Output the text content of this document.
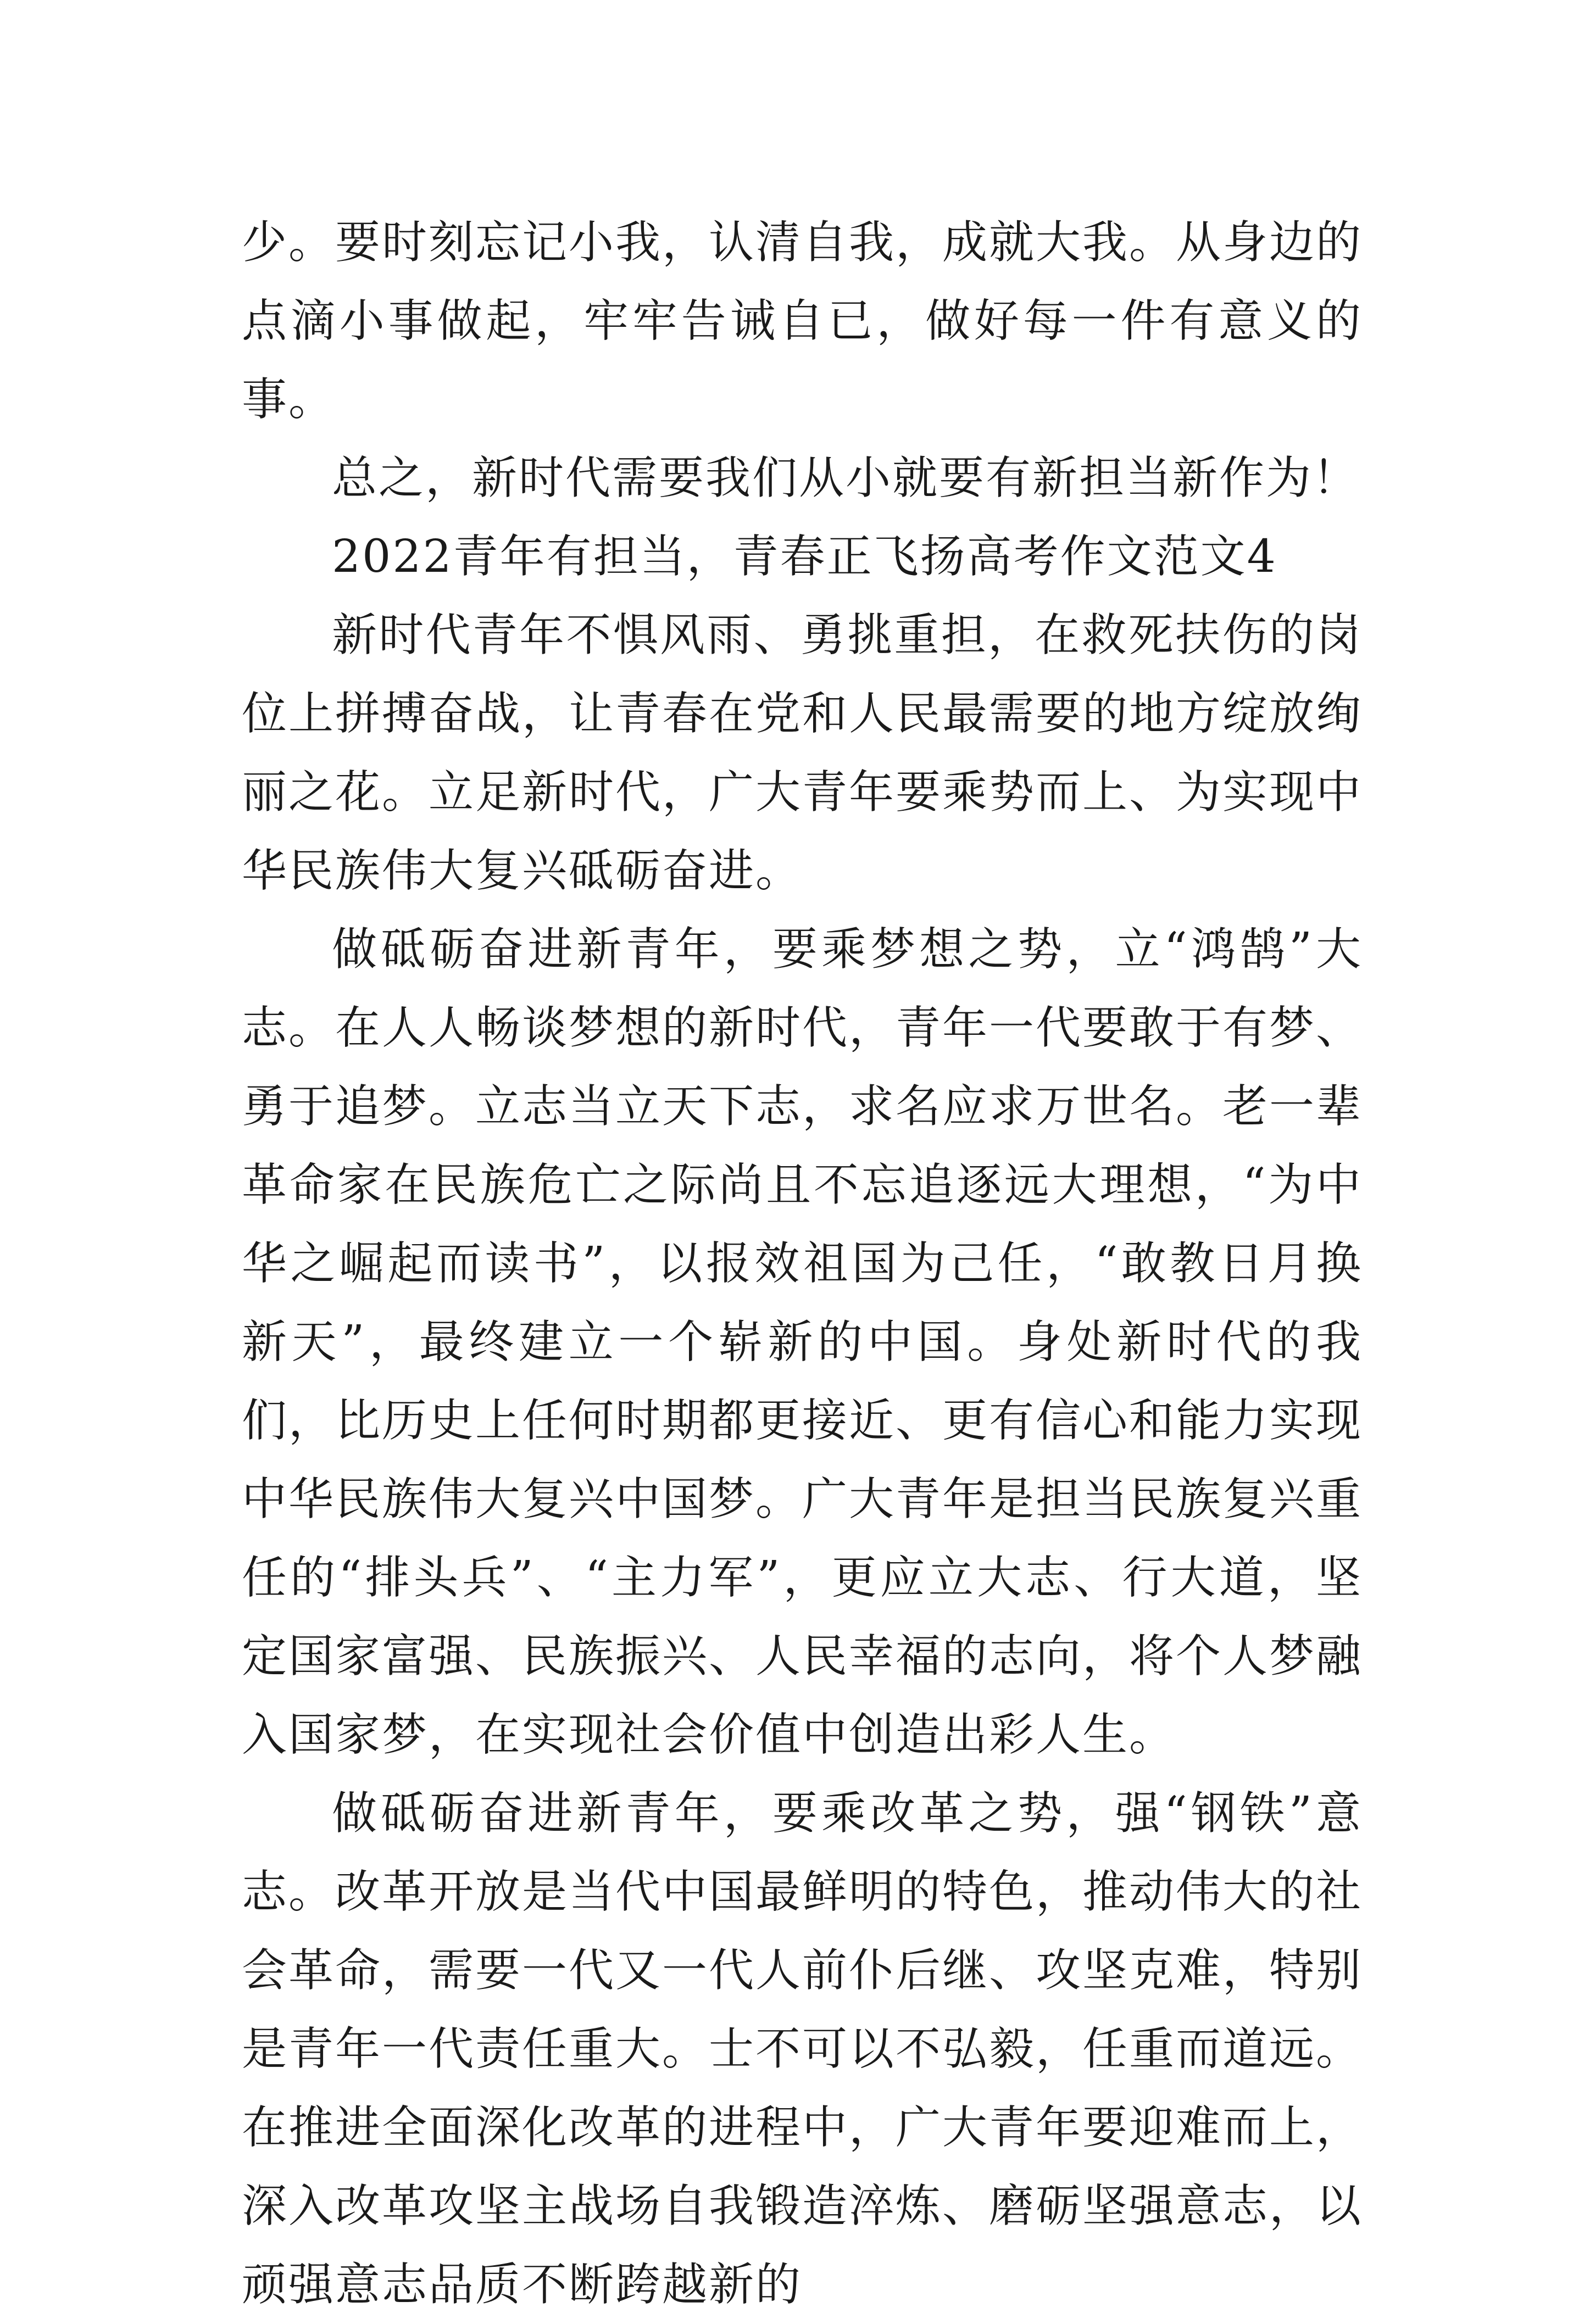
少。要时刻忘记小我，认清自我，成就大我。从身边的点滴小事做起，牢牢告诫自已，做好每一件有意义的事。

总之，新时代需要我们从小就要有新担当新作为！

2022青年有担当，青春正飞扬高考作文范文4

新时代青年不惧风雨、勇挑重担，在救死扶伤的岗位上拼搏奋战，让青春在党和人民最需要的地方绽放绚丽之花。立足新时代，广大青年要乘势而上、为实现中华民族伟大复兴砥砺奋进。

做砥砺奋进新青年，要乘梦想之势，立“鸿鹄”大志。在人人畅谈梦想的新时代，青年一代要敢于有梦、勇于追梦。立志当立天下志，求名应求万世名。老一辈革命家在民族危亡之际尚且不忘追逐远大理想，“为中华之崛起而读书”，以报效祖国为己任，“敢教日月换新天”，最终建立一个崭新的中国。身处新时代的我们，比历史上任何时期都更接近、更有信心和能力实现中华民族伟大复兴中国梦。广大青年是担当民族复兴重任的“排头兵”、“主力军”，更应立大志、行大道，坚定国家富强、民族振兴、人民幸福的志向，将个人梦融入国家梦，在实现社会价值中创造出彩人生。

做砥砺奋进新青年，要乘改革之势，强“钢铁”意志。改革开放是当代中国最鲜明的特色，推动伟大的社会革命，需要一代又一代人前仆后继、攻坚克难，特别是青年一代责任重大。士不可以不弘毅，任重而道远。在推进全面深化改革的进程中，广大青年要迎难而上，深入改革攻坚主战场自我锻造淬炼、磨砺坚强意志，以顽强意志品质不断跨越新的
